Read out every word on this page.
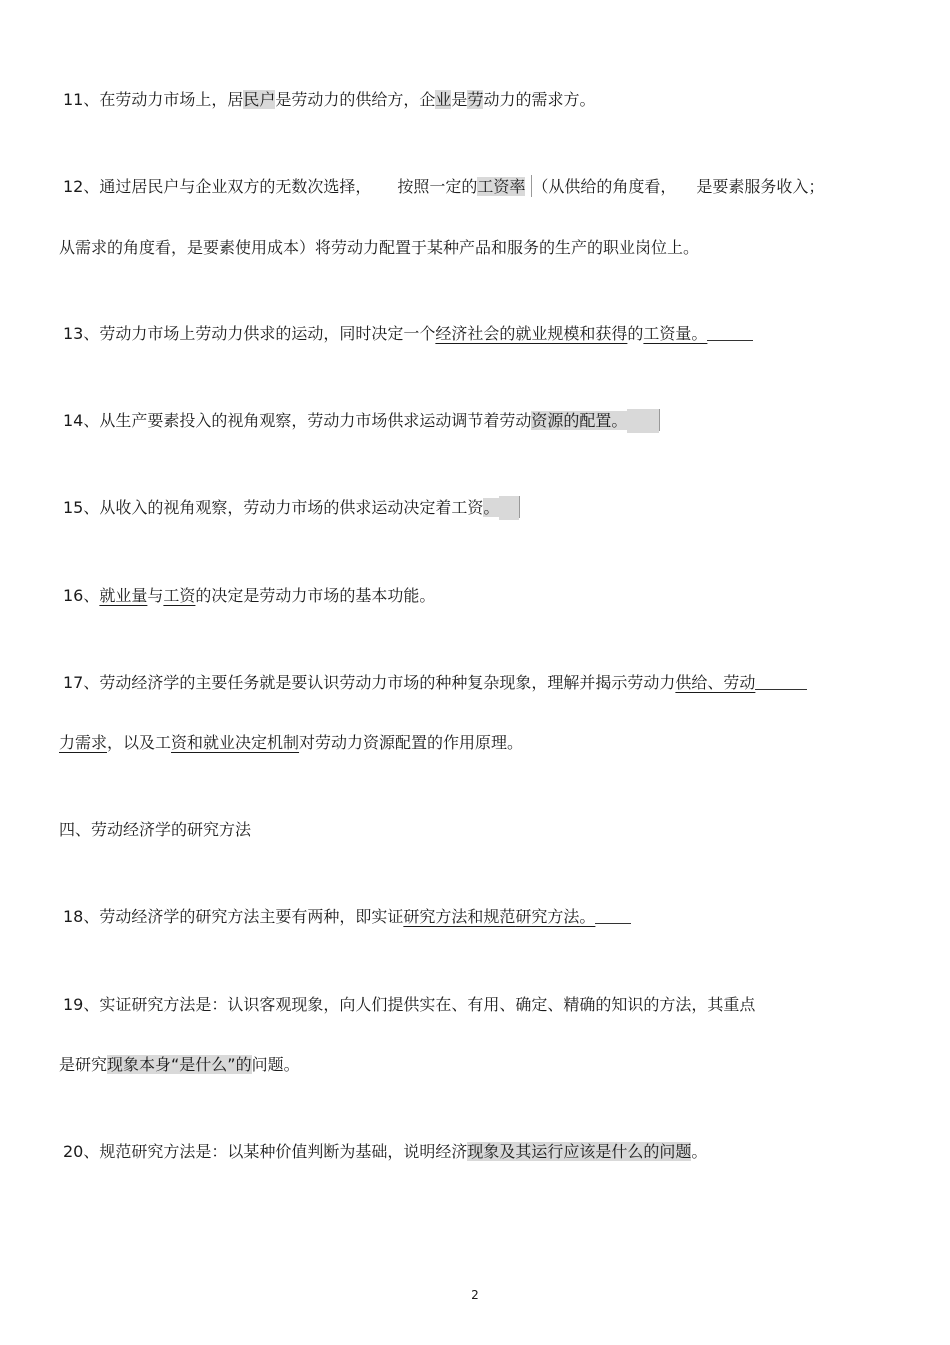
11、在劳动力市场上，居民户是劳动力的供给方，企业是劳动力的需求方。
12、通过居民户与企业双方的无数次选择， 按照一定的工资率 （从供给的角度看， 是要素服务收入；
从需求的角度看，是要素使用成本）将劳动力配置于某种产品和服务的生产的职业岗位上。
13、劳动力市场上劳动力供求的运动，同时决定一个经济社会的就业规模和获得的工资量。
14、从生产要素投入的视角观察，劳动力市场供求运动调节着劳动资源的配置。
15、从收入的视角观察，劳动力市场的供求运动决定着工资。
16、就业量与工资的决定是劳动力市场的基本功能。
17、劳动经济学的主要任务就是要认识劳动力市场的种种复杂现象，理解并揭示劳动力供给、劳动
力需求，以及工资和就业决定机制对劳动力资源配置的作用原理。
四、劳动经济学的研究方法
18、劳动经济学的研究方法主要有两种，即实证研究方法和规范研究方法。
19、实证研究方法是：认识客观现象，向人们提供实在、有用、确定、精确的知识的方法，其重点
是研究现象本身“是什么”的问题。
20、规范研究方法是：以某种价值判断为基础，说明经济现象及其运行应该是什么的问题。
2
